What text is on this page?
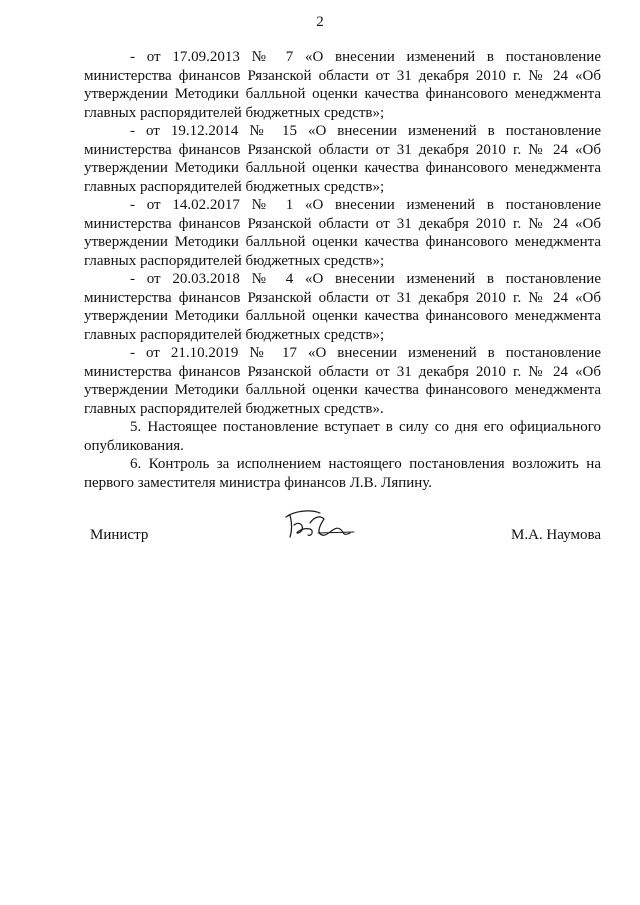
2

- от 17.09.2013 № 7 «О внесении изменений в постановление министерства финансов Рязанской области от 31 декабря 2010 г. № 24 «Об утверждении Методики балльной оценки качества финансового менеджмента главных распорядителей бюджетных средств»;

- от 19.12.2014 № 15 «О внесении изменений в постановление министерства финансов Рязанской области от 31 декабря 2010 г. № 24 «Об утверждении Методики балльной оценки качества финансового менеджмента главных распорядителей бюджетных средств»;

- от 14.02.2017 № 1 «О внесении изменений в постановление министерства финансов Рязанской области от 31 декабря 2010 г. № 24 «Об утверждении Методики балльной оценки качества финансового менеджмента главных распорядителей бюджетных средств»;

- от 20.03.2018 № 4 «О внесении изменений в постановление министерства финансов Рязанской области от 31 декабря 2010 г. № 24 «Об утверждении Методики балльной оценки качества финансового менеджмента главных распорядителей бюджетных средств»;

- от 21.10.2019 № 17 «О внесении изменений в постановление министерства финансов Рязанской области от 31 декабря 2010 г. № 24 «Об утверждении Методики балльной оценки качества финансового менеджмента главных распорядителей бюджетных средств».

5. Настоящее постановление вступает в силу со дня его официального опубликования.

6. Контроль за исполнением настоящего постановления возложить на первого заместителя министра финансов Л.В. Ляпину.

Министр	М.А. Наумова
